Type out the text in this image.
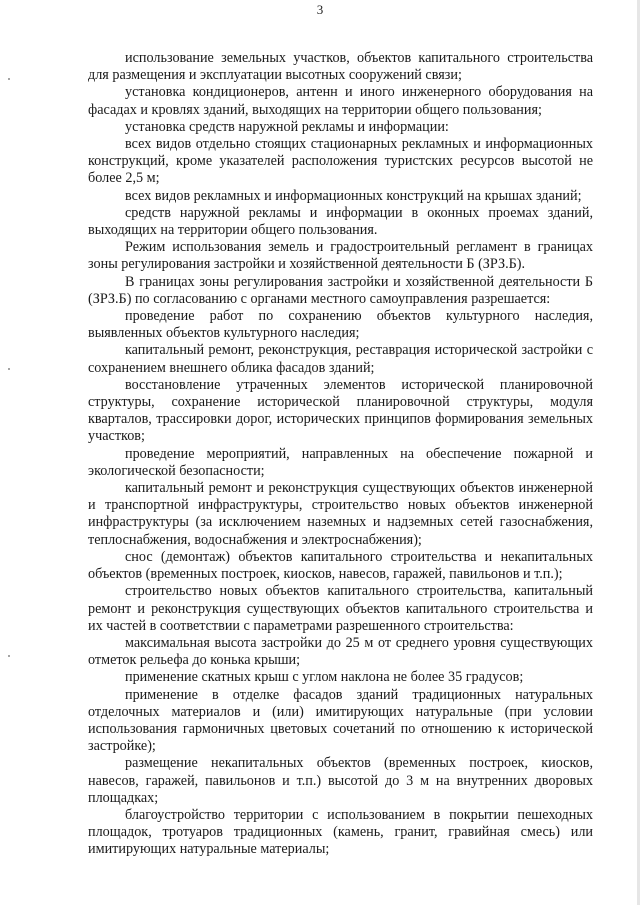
3

использование земельных участков, объектов капитального строительства для размещения и эксплуатации высотных сооружений связи;

установка кондиционеров, антенн и иного инженерного оборудования на фасадах и кровлях зданий, выходящих на территории общего пользования;

установка средств наружной рекламы и информации:

всех видов отдельно стоящих стационарных рекламных и информационных конструкций, кроме указателей расположения туристских ресурсов высотой не более 2,5 м;

всех видов рекламных и информационных конструкций на крышах зданий;

средств наружной рекламы и информации в оконных проемах зданий, выходящих на территории общего пользования.

Режим использования земель и градостроительный регламент в границах зоны регулирования застройки и хозяйственной деятельности Б (ЗРЗ.Б).

В границах зоны регулирования застройки и хозяйственной деятельности Б (ЗРЗ.Б) по согласованию с органами местного самоуправления разрешается:

проведение работ по сохранению объектов культурного наследия, выявленных объектов культурного наследия;

капитальный ремонт, реконструкция, реставрация исторической застройки с сохранением внешнего облика фасадов зданий;

восстановление утраченных элементов исторической планировочной структуры, сохранение исторической планировочной структуры, модуля кварталов, трассировки дорог, исторических принципов формирования земельных участков;

проведение мероприятий, направленных на обеспечение пожарной и экологической безопасности;

капитальный ремонт и реконструкция существующих объектов инженерной и транспортной инфраструктуры, строительство новых объектов инженерной инфраструктуры (за исключением наземных и надземных сетей газоснабжения, теплоснабжения, водоснабжения и электроснабжения);

снос (демонтаж) объектов капитального строительства и некапитальных объектов (временных построек, киосков, навесов, гаражей, павильонов и т.п.);

строительство новых объектов капитального строительства, капитальный ремонт и реконструкция существующих объектов капитального строительства и их частей в соответствии с параметрами разрешенного строительства:

максимальная высота застройки до 25 м от среднего уровня существующих отметок рельефа до конька крыши;

применение скатных крыш с углом наклона не более 35 градусов;

применение в отделке фасадов зданий традиционных натуральных отделочных материалов и (или) имитирующих натуральные (при условии использования гармоничных цветовых сочетаний по отношению к исторической застройке);

размещение некапитальных объектов (временных построек, киосков, навесов, гаражей, павильонов и т.п.) высотой до 3 м на внутренних дворовых площадках;

благоустройство территории с использованием в покрытии пешеходных площадок, тротуаров традиционных (камень, гранит, гравийная смесь) или имитирующих натуральные материалы;
